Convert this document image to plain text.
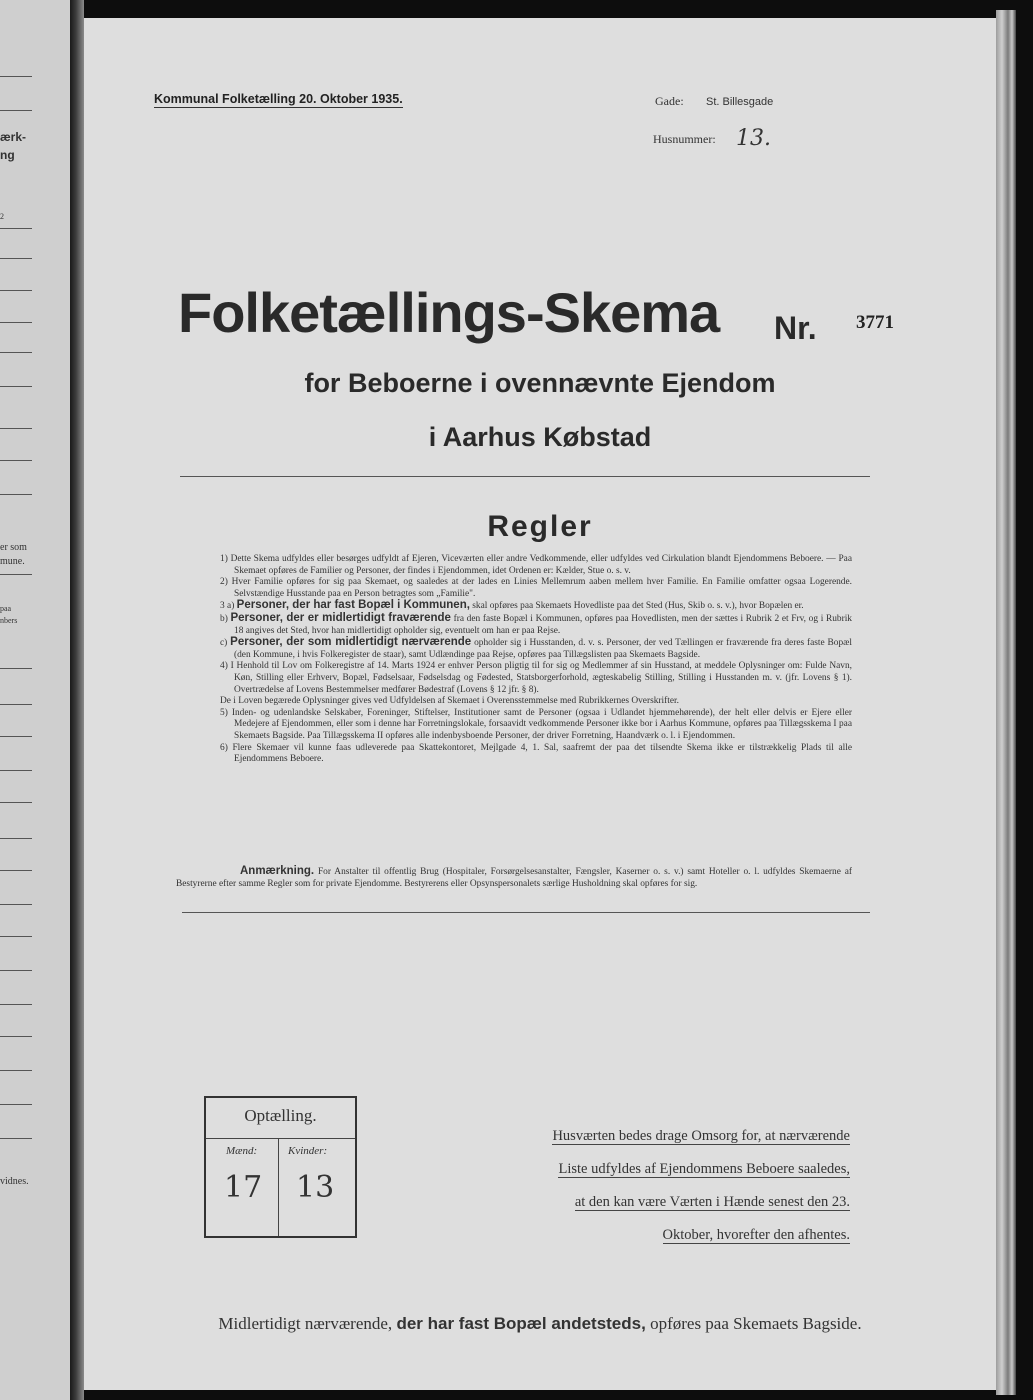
ærk-
ng
2
er som
mune.
paa
nbers
vidnes.
Kommunal Folketælling 20. Oktober 1935.	Gade: St. Billesgade
Husnummer: 13.
Folketællings-Skema Nr. 3771
for Beboerne i ovennævnte Ejendom
i Aarhus Købstad
Regler

1) Dette Skema udfyldes eller besørges udfyldt af Ejeren, Viceværten eller andre Vedkommende, eller udfyldes ved Cirkulation blandt Ejendommens Beboere. — Paa Skemaet opføres de Familier og Personer, der findes i Ejendommen, idet Ordenen er: Kælder, Stue o. s. v.

2) Hver Familie opføres for sig paa Skemaet, og saaledes at der lades en Linies Mellemrum aaben mellem hver Familie. En Familie omfatter ogsaa Logerende. Selvstændige Husstande paa en Person betragtes som „Familie".

3 a) Personer, der har fast Bopæl i Kommunen, skal opføres paa Skemaets Hovedliste paa det Sted (Hus, Skib o. s. v.), hvor Bopælen er.

b) Personer, der er midlertidigt fraværende fra den faste Bopæl i Kommunen, opføres paa Hovedlisten, men der sættes i Rubrik 2 et Frv, og i Rubrik 18 angives det Sted, hvor han midlertidigt opholder sig, eventuelt om han er paa Rejse.

c) Personer, der som midlertidigt nærværende opholder sig i Husstanden, d. v. s. Personer, der ved Tællingen er fraværende fra deres faste Bopæl (den Kommune, i hvis Folkeregister de staar), samt Udlændinge paa Rejse, opføres paa Tillægslisten paa Skemaets Bagside.

4) I Henhold til Lov om Folkeregistre af 14. Marts 1924 er enhver Person pligtig til for sig og Medlemmer af sin Husstand, at meddele Oplysninger om: Fulde Navn, Køn, Stilling eller Erhverv, Bopæl, Fødselsaar, Fødselsdag og Fødested, Statsborgerforhold, ægteskabelig Stilling, Stilling i Husstanden m. v. (jfr. Lovens § 1). Overtrædelse af Lovens Bestemmelser medfører Bødestraf (Lovens § 12 jfr. § 8).

De i Loven begærede Oplysninger gives ved Udfyldelsen af Skemaet i Overensstemmelse med Rubrikkernes Overskrifter.

5) Inden- og udenlandske Selskaber, Foreninger, Stiftelser, Institutioner samt de Personer (ogsaa i Udlandet hjemmehørende), der helt eller delvis er Ejere eller Medejere af Ejendommen, eller som i denne har Forretningslokale, forsaavidt vedkommende Personer ikke bor i Aarhus Kommune, opføres paa Tillægsskema I paa Skemaets Bagside. Paa Tillægsskema II opføres alle indenbysboende Personer, der driver Forretning, Haandværk o. l. i Ejendommen.

6) Flere Skemaer vil kunne faas udleverede paa Skattekontoret, Mejlgade 4, 1. Sal, saafremt der paa det tilsendte Skema ikke er tilstrækkelig Plads til alle Ejendommens Beboere.

Anmærkning. For Anstalter til offentlig Brug (Hospitaler, Forsørgelsesanstalter, Fængsler, Kaserner o. s. v.) samt Hoteller o. l. udfyldes Skemaerne af Bestyrerne efter samme Regler som for private Ejendomme. Bestyrerens eller Opsynspersonalets særlige Husholdning skal opføres for sig.
Optælling.
Mænd:	Kvinder:
17 13
Husværten bedes drage Omsorg for, at nærværende
Liste udfyldes af Ejendommens Beboere saaledes,
at den kan være Værten i Hænde senest den 23.
Oktober, hvorefter den afhentes.
Midlertidigt nærværende, der har fast Bopæl andetsteds, opføres paa Skemaets Bagside.
